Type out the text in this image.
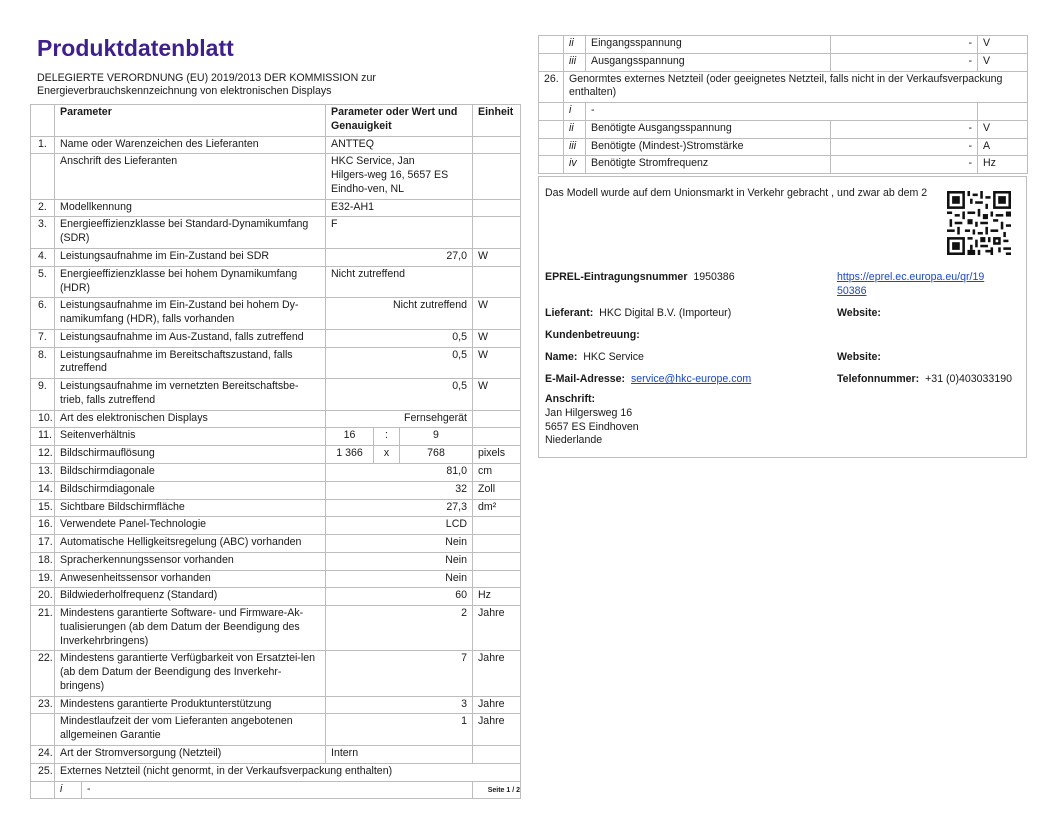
Produktdatenblatt
DELEGIERTE VERORDNUNG (EU) 2019/2013 DER KOMMISSION zur Energieverbrauchskennzeichnung von elektronischen Displays
	Parameter	Parameter oder Wert und Genauigkeit	Einheit
1.	Name oder Warenzeichen des Lieferanten	ANTTEQ	
	Anschrift des Lieferanten	HKC Service, Jan Hilgers-weg 16, 5657 ES Eindho-ven, NL	
2.	Modellkennung	E32-AH1	
3.	Energieeffizienzklasse bei Standard-Dynamikumfang (SDR)	F	
4.	Leistungsaufnahme im Ein-Zustand bei SDR	27,0	W
5.	Energieeffizienzklasse bei hohem Dynamikumfang (HDR)	Nicht zutreffend	
6.	Leistungsaufnahme im Ein-Zustand bei hohem Dy-namikumfang (HDR), falls vorhanden	Nicht zutreffend	W
7.	Leistungsaufnahme im Aus-Zustand, falls zutreffend	0,5	W
8.	Leistungsaufnahme im Bereitschaftszustand, falls zutreffend	0,5	W
9.	Leistungsaufnahme im vernetzten Bereitschaftsbe-trieb, falls zutreffend	0,5	W
10.	Art des elektronischen Displays	Fernsehgerät	
11.	Seitenverhältnis	16	:	9	
12.	Bildschirmauflösung	1 366	x	768	pixels
13.	Bildschirmdiagonale	81,0	cm
14.	Bildschirmdiagonale	32	Zoll
15.	Sichtbare Bildschirmfläche	27,3	dm²
16.	Verwendete Panel-Technologie	LCD	
17.	Automatische Helligkeitsregelung (ABC) vorhanden	Nein	
18.	Spracherkennungssensor vorhanden	Nein	
19.	Anwesenheitssensor vorhanden	Nein	
20.	Bildwiederholfrequenz (Standard)	60	Hz
21.	Mindestens garantierte Software- und Firmware-Ak-tualisierungen (ab dem Datum der Beendigung des Inverkehrbringens)	2	Jahre
22.	Mindestens garantierte Verfügbarkeit von Ersatztei-len (ab dem Datum der Beendigung des Inverkehr-bringens)	7	Jahre
23.	Mindestens garantierte Produktunterstützung	3	Jahre
	Mindestlaufzeit der vom Lieferanten angebotenen allgemeinen Garantie	1	Jahre
24.	Art der Stromversorgung (Netzteil)	Intern	
25.	Externes Netzteil (nicht genormt, in der Verkaufsverpackung enthalten)

i	-
		Seite 1 / 2
	ii	Eingangsspannung	-	V
	iii	Ausgangsspannung	-	V
26.	Genormtes externes Netzteil (oder geeignetes Netzteil, falls nicht in der Verkaufsverpackung enthalten)			
	i	-		
	ii	Benötigte Ausgangsspannung	-	V
	iii	Benötigte (Mindest-)Stromstärke	-	A
	iv	Benötigte Stromfrequenz	-	Hz
Das Modell wurde auf dem Unionsmarkt in Verkehr gebracht , und zwar ab dem 2
EPREL-Eintragungsnummer 1950386	https://eprel.ec.europa.eu/qr/19
50386
Lieferant: HKC Digital B.V. (Importeur)	Website:
Kundenbetreuung:
Name: HKC Service	Website:
E-Mail-Adresse: service@hkc-europe.com	Telefonnummer: +31 (0)403033190
Anschrift:
Jan Hilgersweg 16
5657 ES Eindhoven
Niederlande
